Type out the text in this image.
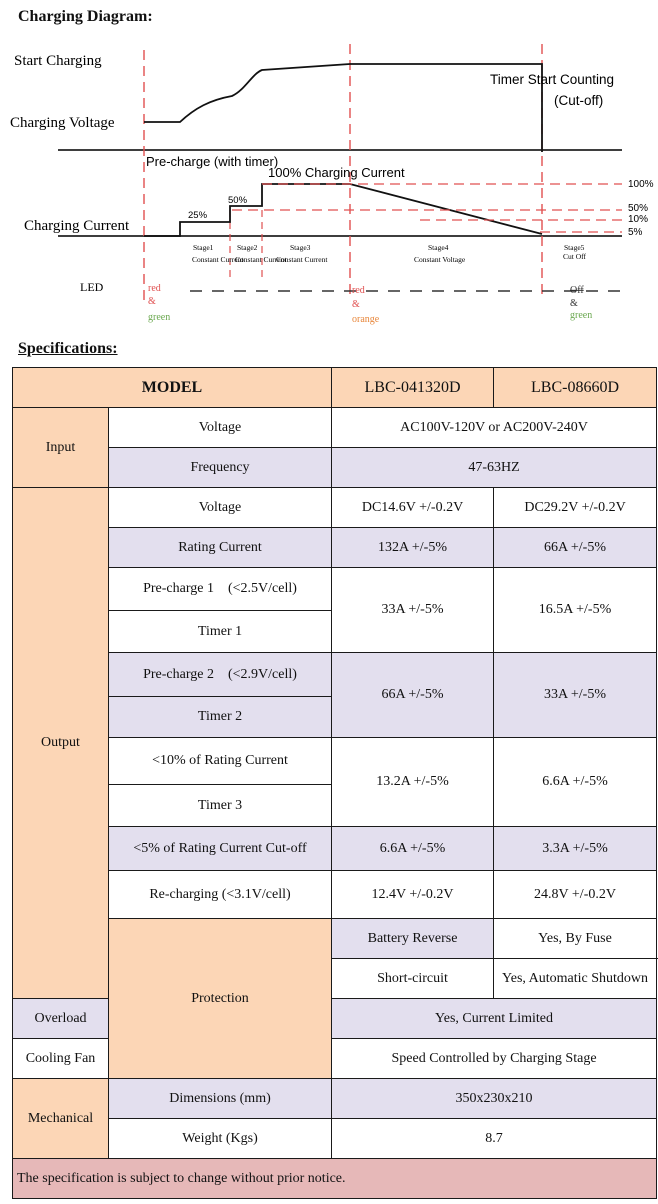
Charging Diagram:
Start Charging
Charging Voltage
Charging Current
LED
Timer Start Counting
(Cut-off)
Pre-charge (with timer)
100% Charging Current
25%
50%
100%
50%
10%
5%
Stage1
Constant Current
Stage2
Constant Current
Stage3
Constant Current
Stage4
Constant Voltage
Stage5
Cut Off
red
&
green
red
&
orange
Off
&
green
Specifications:
MODEL		LBC-041320D	LBC-08660D
Input	Voltage	AC100V-120V or AC200V-240V	
	Frequency	47-63HZ	
Output	Voltage	DC14.6V +/-0.2V	DC29.2V +/-0.2V
	Rating Current	132A +/-5%	66A +/-5%
	Pre-charge 1    (<2.5V/cell)	33A +/-5%	16.5A +/-5%
	Timer 1		
	Pre-charge 2    (<2.9V/cell)	66A +/-5%	33A +/-5%
	Timer 2		
	<10% of Rating Current	13.2A +/-5%	6.6A +/-5%
	Timer 3		
	<5% of Rating Current Cut-off	6.6A +/-5%	3.3A +/-5%
	Re-charging (<3.1V/cell)	12.4V +/-0.2V	24.8V +/-0.2V
	Protection	Battery Reverse	Yes, By Fuse
		Short-circuit	Yes, Automatic Shutdown
Overload		Yes, Current Limited	
Cooling Fan		Speed Controlled by Charging Stage	
Mechanical	Dimensions (mm)	350x230x210	
	Weight (Kgs)	8.7	
The specification is subject to change without prior notice.			
